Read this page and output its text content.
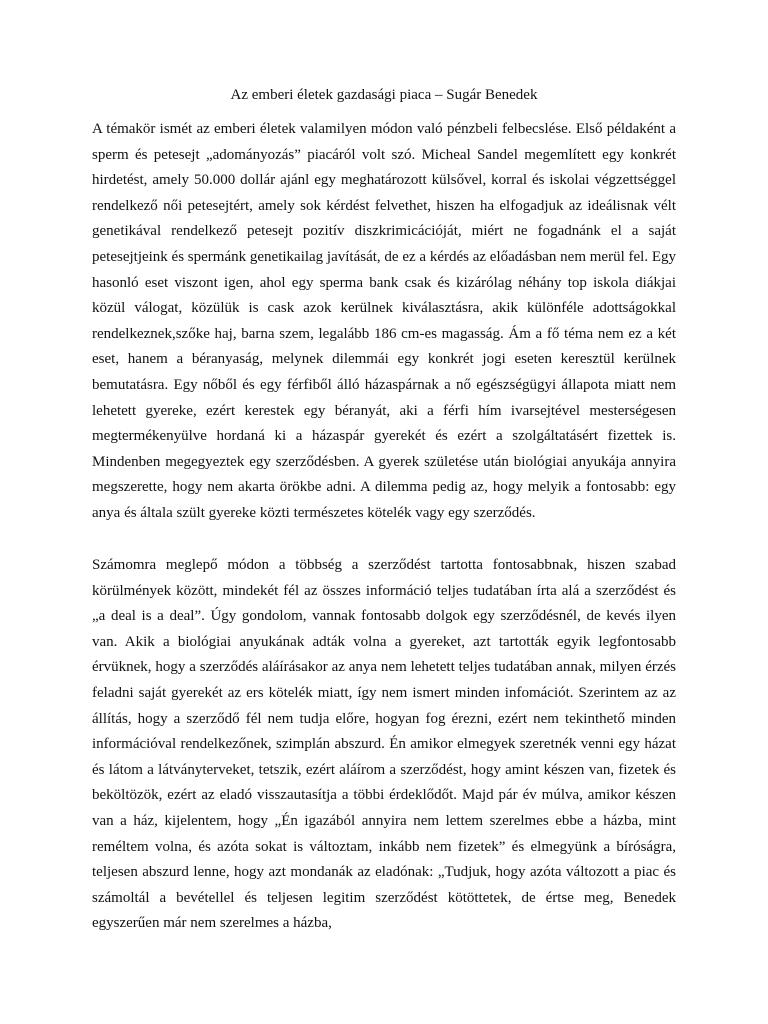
Az emberi életek gazdasági piaca – Sugár Benedek

A témakör ismét az emberi életek valamilyen módon való pénzbeli felbecslése. Első példaként a sperm és petesejt „adományozás” piacáról volt szó. Micheal Sandel megemlített egy konkrét hirdetést, amely 50.000 dollár ajánl egy meghatározott külsővel, korral és iskolai végzettséggel rendelkező női petesejtért, amely sok kérdést felvethet, hiszen ha elfogadjuk az ideálisnak vélt genetikával rendelkező petesejt pozitív diszkrimicációját, miért ne fogadnánk el a saját petesejtjeink és spermánk genetikailag javítását, de ez a kérdés az előadásban nem merül fel. Egy hasonló eset viszont igen, ahol egy sperma bank csak és kizárólag néhány top iskola diákjai közül válogat, közülük is cask azok kerülnek kiválasztásra, akik különféle adottságokkal rendelkeznek,szőke haj, barna szem, legalább 186 cm-es magasság. Ám a fő téma nem ez a két eset, hanem a béranyaság, melynek dilemmái egy konkrét jogi eseten keresztül kerülnek bemutatásra. Egy nőből és egy férfiből álló házaspárnak a nő egészségügyi állapota miatt nem lehetett gyereke, ezért kerestek egy béranyát, aki a férfi hím ivarsejtével mesterségesen megtermékenyülve hordaná ki a házaspár gyerekét és ezért a szolgáltatásért fizettek is. Mindenben megegyeztek egy szerződésben. A gyerek születése után biológiai anyukája annyira megszerette, hogy nem akarta örökbe adni. A dilemma pedig az, hogy melyik a fontosabb: egy anya és általa szült gyereke közti természetes kötelék vagy egy szerződés.

Számomra meglepő módon a többség a szerződést tartotta fontosabbnak, hiszen szabad körülmények között, mindekét fél az összes információ teljes tudatában írta alá a szerződést és „a deal is a deal”. Úgy gondolom, vannak fontosabb dolgok egy szerződésnél, de kevés ilyen van. Akik a biológiai anyukának adták volna a gyereket, azt tartották egyik legfontosabb érvüknek, hogy a szerződés aláírásakor az anya nem lehetett teljes tudatában annak, milyen érzés feladni saját gyerekét az ers kötelék miatt, így nem ismert minden infomációt. Szerintem az az állítás, hogy a szerződő fél nem tudja előre, hogyan fog érezni, ezért nem tekinthető minden információval rendelkezőnek, szimplán abszurd. Én amikor elmegyek szeretnék venni egy házat és látom a látványterveket, tetszik, ezért aláírom a szerződést, hogy amint készen van, fizetek és beköltözök, ezért az eladó visszautasítja a többi érdeklődőt. Majd pár év múlva, amikor készen van a ház, kijelentem, hogy „Én igazából annyira nem lettem szerelmes ebbe a házba, mint reméltem volna, és azóta sokat is változtam, inkább nem fizetek” és elmegyünk a bíróságra, teljesen abszurd lenne, hogy azt mondanák az eladónak: „Tudjuk, hogy azóta változott a piac és számoltál a bevétellel és teljesen legitim szerződést kötöttetek, de értse meg, Benedek egyszerűen már nem szerelmes a házba,
